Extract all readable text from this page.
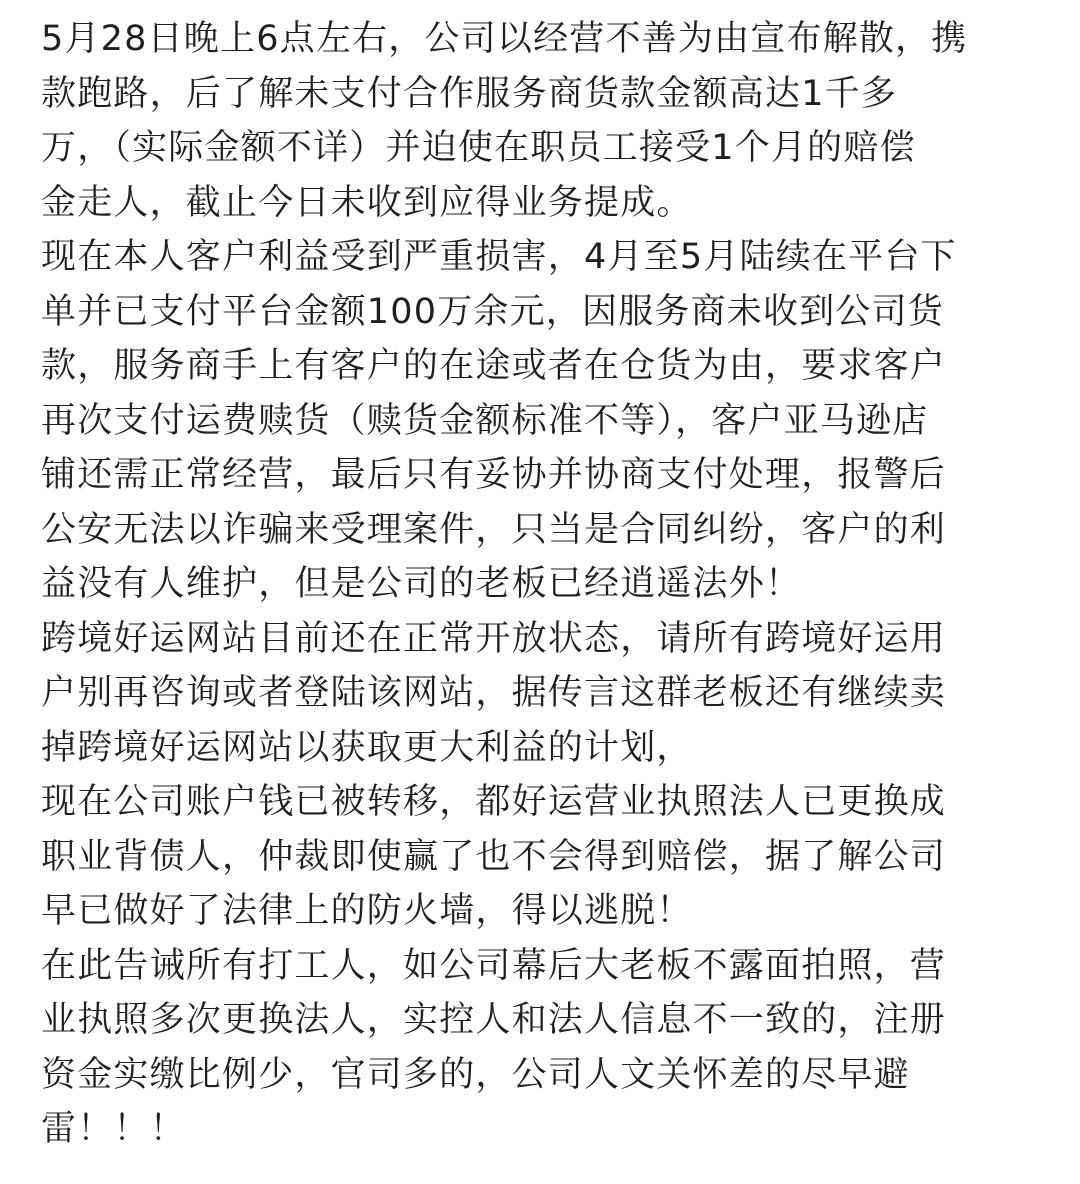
5月28日晚上6点左右，公司以经营不善为由宣布解散，携
款跑路，后了解未支付合作服务商货款金额高达1千多
万，（实际金额不详）并迫使在职员工接受1个月的赔偿
金走人，截止今日未收到应得业务提成。
现在本人客户利益受到严重损害，4月至5月陆续在平台下
单并已支付平台金额100万余元，因服务商未收到公司货
款，服务商手上有客户的在途或者在仓货为由，要求客户
再次支付运费赎货（赎货金额标准不等），客户亚马逊店
铺还需正常经营，最后只有妥协并协商支付处理，报警后
公安无法以诈骗来受理案件，只当是合同纠纷，客户的利
益没有人维护，但是公司的老板已经逍遥法外！
跨境好运网站目前还在正常开放状态，请所有跨境好运用
户别再咨询或者登陆该网站，据传言这群老板还有继续卖
掉跨境好运网站以获取更大利益的计划，
现在公司账户钱已被转移，都好运营业执照法人已更换成
职业背债人，仲裁即使赢了也不会得到赔偿，据了解公司
早已做好了法律上的防火墙，得以逃脱！
在此告诫所有打工人，如公司幕后大老板不露面拍照，营
业执照多次更换法人，实控人和法人信息不一致的，注册
资金实缴比例少，官司多的，公司人文关怀差的尽早避
雷！！！
